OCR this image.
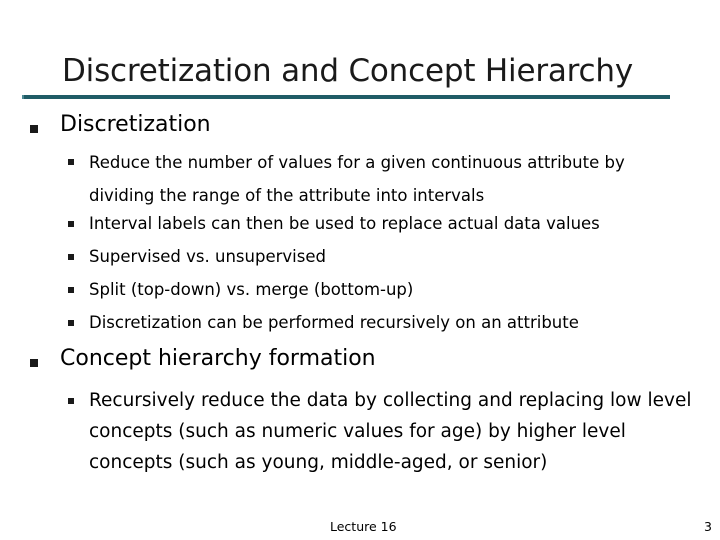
Discretization and Concept Hierarchy
Discretization
Reduce the number of values for a given continuous attribute by dividing the range of the attribute into intervals
Interval labels can then be used to replace actual data values
Supervised vs. unsupervised
Split (top-down) vs. merge (bottom-up)
Discretization can be performed recursively on an attribute
Concept hierarchy formation
Recursively reduce the data by collecting and replacing low level concepts (such as numeric values for age) by higher level concepts (such as young, middle-aged, or senior)
Lecture 16	3
